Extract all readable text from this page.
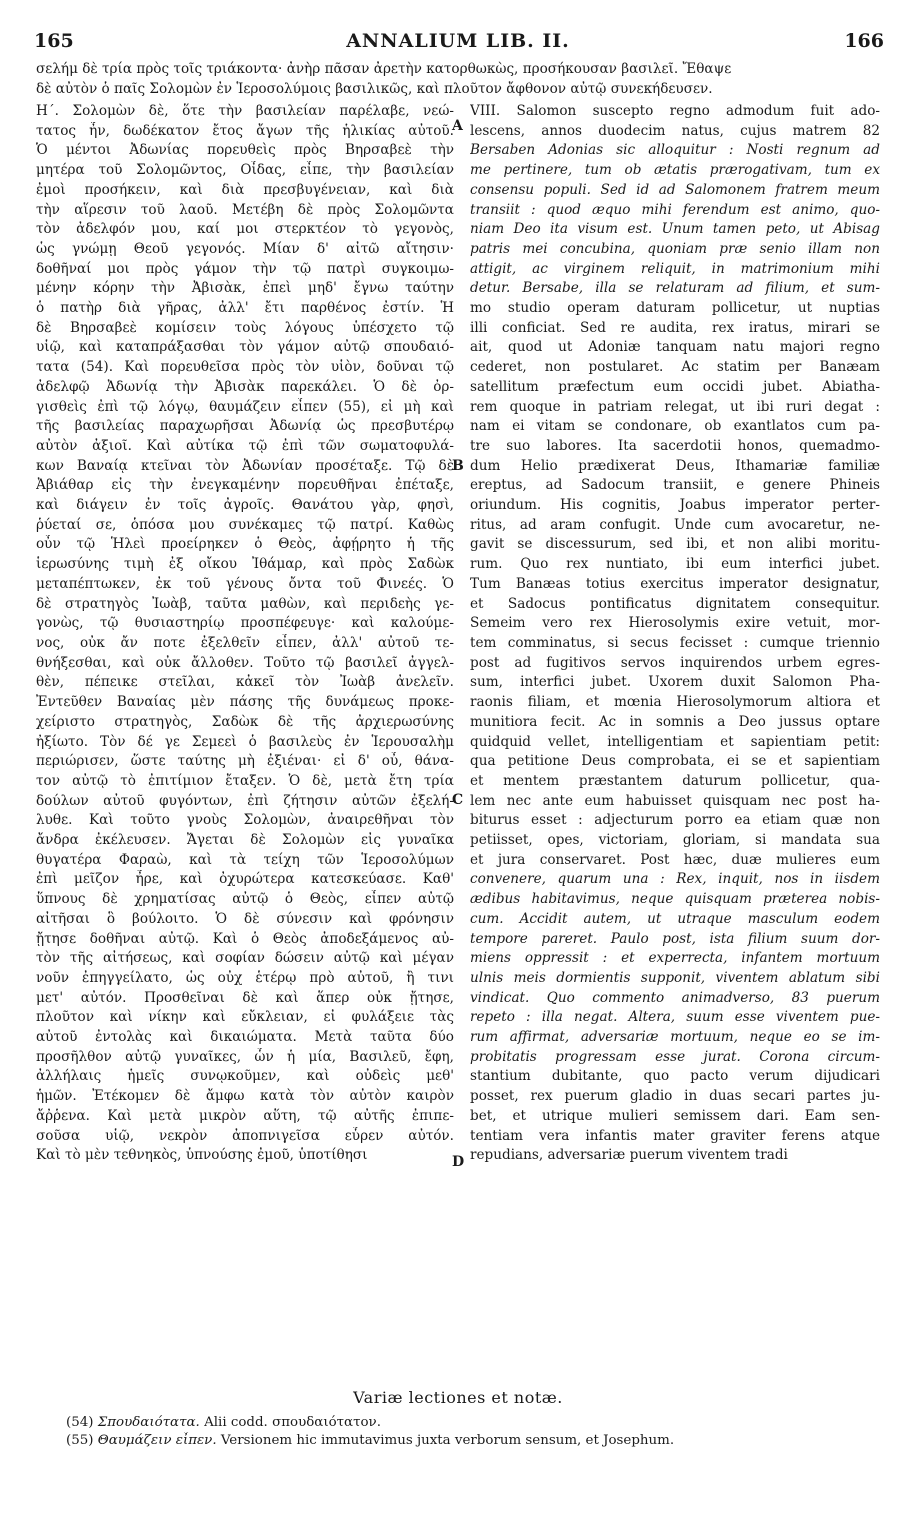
165	ANNALIUM LIB. II.	166
σελήμ δὲ τρία πρὸς τοῖς τριάκοντα· ἀνὴρ πᾶσαν ἀρετὴν κατορθωκὼς, προσήκουσαν βασιλεῖ. Ἔθαψε
δὲ αὐτὸν ὁ παῖς Σολομὼν ἐν Ἱεροσολύμοις βασιλικῶς, καὶ πλοῦτον ἄφθονον αὐτῷ συνεκήδευσεν.
Η΄. Σολομὼν δὲ, ὅτε τὴν βασιλείαν παρέλαβε, νεώ-
τατος ἦν, δωδέκατον ἔτος ἄγων τῆς ἡλικίας αὐτοῦ.
Ὁ μέντοι Ἀδωνίας πορευθεὶς πρὸς Βηρσαβεὲ τὴν
μητέρα τοῦ Σολομῶντος, Οἶδας, εἶπε, τὴν βασιλείαν
ἐμοὶ προσήκειν, καὶ διὰ πρεσβυγένειαν, καὶ διὰ
τὴν αἵρεσιν τοῦ λαοῦ. Μετέβη δὲ πρὸς Σολομῶντα
τὸν ἀδελφόν μου, καί μοι στερκτέον τὸ γεγονὸς,
ὡς γνώμῃ Θεοῦ γεγονός. Μίαν δ' αἰτῶ αἴτησιν·
δοθῆναί μοι πρὸς γάμον τὴν τῷ πατρὶ συγκοιμω-
μένην κόρην τὴν Ἀβισὰκ, ἐπεὶ μηδ' ἔγνω ταύτην
ὁ πατὴρ διὰ γῆρας, ἀλλ' ἔτι παρθένος ἐστίν. Ἡ
δὲ Βηρσαβεὲ κομίσειν τοὺς λόγους ὑπέσχετο τῷ
υἱῷ, καὶ καταπράξασθαι τὸν γάμον αὐτῷ σπουδαιό-
τατα (54). Καὶ πορευθεῖσα πρὸς τὸν υἱὸν, δοῦναι τῷ
ἀδελφῷ Ἀδωνίᾳ τὴν Ἀβισὰκ παρεκάλει. Ὁ δὲ ὀρ-
γισθεὶς ἐπὶ τῷ λόγῳ, θαυμάζειν εἶπεν (55), εἰ μὴ καὶ
τῆς βασιλείας παραχωρῆσαι Ἀδωνίᾳ ὡς πρεσβυτέρῳ
αὐτὸν ἀξιοῖ. Καὶ αὐτίκα τῷ ἐπὶ τῶν σωματοφυλά-
κων Βαναίᾳ κτεῖναι τὸν Ἀδωνίαν προσέταξε. Τῷ δὲ
Ἀβιάθαρ εἰς τὴν ἐνεγκαμένην πορευθῆναι ἐπέταξε,
καὶ διάγειν ἐν τοῖς ἀγροῖς. Θανάτου γὰρ, φησὶ,
ῥύεταί σε, ὁπόσα μου συνέκαμες τῷ πατρί. Καθὼς
οὖν τῷ Ἡλεὶ προείρηκεν ὁ Θεὸς, ἀφῄρητο ἡ τῆς
ἱερωσύνης τιμὴ ἐξ οἴκου Ἰθάμαρ, καὶ πρὸς Σαδὼκ
μεταπέπτωκεν, ἐκ τοῦ γένους ὄντα τοῦ Φινεές. Ὁ
δὲ στρατηγὸς Ἰωὰβ, ταῦτα μαθὼν, καὶ περιδεὴς γε-
γονὼς, τῷ θυσιαστηρίῳ προσπέφευγε· καὶ καλούμε-
νος, οὐκ ἄν ποτε ἐξελθεῖν εἶπεν, ἀλλ' αὐτοῦ τε-
θνήξεσθαι, καὶ οὐκ ἄλλοθεν. Τοῦτο τῷ βασιλεῖ ἀγγελ-
θὲν, πέπεικε στεῖλαι, κἀκεῖ τὸν Ἰωὰβ ἀνελεῖν.
Ἐντεῦθεν Βαναίας μὲν πάσης τῆς δυνάμεως προκε-
χείριστο στρατηγὸς, Σαδὼκ δὲ τῆς ἀρχιερωσύνης
ἠξίωτο. Τὸν δέ γε Σεμεεὶ ὁ βασιλεὺς ἐν Ἱερουσαλὴμ
περιώρισεν, ὥστε ταύτης μὴ ἐξιέναι· εἰ δ' οὖ, θάνα-
τον αὐτῷ τὸ ἐπιτίμιον ἔταξεν. Ὁ δὲ, μετὰ ἔτη τρία
δούλων αὐτοῦ φυγόντων, ἐπὶ ζήτησιν αὐτῶν ἐξελή-
λυθε. Καὶ τοῦτο γνοὺς Σολομὼν, ἀναιρεθῆναι τὸν
ἄνδρα ἐκέλευσεν. Ἄγεται δὲ Σολομὼν εἰς γυναῖκα
θυγατέρα Φαραὼ, καὶ τὰ τείχη τῶν Ἱεροσολύμων
ἐπὶ μεῖζον ἦρε, καὶ ὀχυρώτερα κατεσκεύασε. Καθ'
ὕπνους δὲ χρηματίσας αὐτῷ ὁ Θεὸς, εἶπεν αὐτῷ
αἰτῆσαι ὃ βούλοιτο. Ὁ δὲ σύνεσιν καὶ φρόνησιν
ᾔτησε δοθῆναι αὐτῷ. Καὶ ὁ Θεὸς ἀποδεξάμενος αὐ-
τὸν τῆς αἰτήσεως, καὶ σοφίαν δώσειν αὐτῷ καὶ μέγαν
νοῦν ἐπηγγείλατο, ὡς οὐχ ἑτέρῳ πρὸ αὐτοῦ, ἢ τινι
μετ' αὐτόν. Προσθεῖναι δὲ καὶ ἅπερ οὐκ ᾔτησε,
πλοῦτον καὶ νίκην καὶ εὔκλειαν, εἰ φυλάξειε τὰς
αὐτοῦ ἐντολὰς καὶ δικαιώματα. Μετὰ ταῦτα δύο
προσῆλθον αὐτῷ γυναῖκες, ὧν ἡ μία, Βασιλεῦ, ἔφη,
ἀλλήλαις ἡμεῖς συνῳκοῦμεν, καὶ οὐδεὶς μεθ'
ἡμῶν. Ἐτέκομεν δὲ ἄμφω κατὰ τὸν αὐτὸν καιρὸν
ἄῤῥενα. Καὶ μετὰ μικρὸν αὕτη, τῷ αὐτῆς ἐπιπε-
σοῦσα υἱῷ, νεκρὸν ἀποπνιγεῖσα εὗρεν αὐτόν.
Καὶ τὸ μὲν τεθνηκὸς, ὑπνούσης ἐμοῦ, ὑποτίθησι
A
B
C
D
VIII. Salomon suscepto regno admodum fuit ado-
lescens, annos duodecim natus, cujus matrem 82
Bersaben Adonias sic alloquitur : Nosti regnum ad
me pertinere, tum ob ætatis prærogativam, tum ex
consensu populi. Sed id ad Salomonem fratrem meum
transiit : quod æquo mihi ferendum est animo, quo-
niam Deo ita visum est. Unum tamen peto, ut Abisag
patris mei concubina, quoniam præ senio illam non
attigit, ac virginem reliquit, in matrimonium mihi
detur. Bersabe, illa se relaturam ad filium, et sum-
mo studio operam daturam pollicetur, ut nuptias
illi conficiat. Sed re audita, rex iratus, mirari se
ait, quod ut Adoniæ tanquam natu majori regno
cederet, non postularet. Ac statim per Banæam
satellitum præfectum eum occidi jubet. Abiatha-
rem quoque in patriam relegat, ut ibi ruri degat :
nam ei vitam se condonare, ob exantlatos cum pa-
tre suo labores. Ita sacerdotii honos, quemadmo-
dum Helio prædixerat Deus, Ithamariæ familiæ
ereptus, ad Sadocum transiit, e genere Phineis
oriundum. His cognitis, Joabus imperator perter-
ritus, ad aram confugit. Unde cum avocaretur, ne-
gavit se discessurum, sed ibi, et non alibi moritu-
rum. Quo rex nuntiato, ibi eum interfici jubet.
Tum Banæas totius exercitus imperator designatur,
et Sadocus pontificatus dignitatem consequitur.
Semeim vero rex Hierosolymis exire vetuit, mor-
tem comminatus, si secus fecisset : cumque triennio
post ad fugitivos servos inquirendos urbem egres-
sum, interfici jubet. Uxorem duxit Salomon Pha-
raonis filiam, et mœnia Hierosolymorum altiora et
munitiora fecit. Ac in somnis a Deo jussus optare
quidquid vellet, intelligentiam et sapientiam petit:
qua petitione Deus comprobata, ei se et sapientiam
et mentem præstantem daturum pollicetur, qua-
lem nec ante eum habuisset quisquam nec post ha-
biturus esset : adjecturum porro ea etiam quæ non
petiisset, opes, victoriam, gloriam, si mandata sua
et jura conservaret. Post hæc, duæ mulieres eum
convenere, quarum una : Rex, inquit, nos in iisdem
ædibus habitavimus, neque quisquam præterea nobis-
cum. Accidit autem, ut utraque masculum eodem
tempore pareret. Paulo post, ista filium suum dor-
miens oppressit : et experrecta, infantem mortuum
ulnis meis dormientis supponit, viventem ablatum sibi
vindicat. Quo commento animadverso, 83 puerum
repeto : illa negat. Altera, suum esse viventem pue-
rum affirmat, adversariæ mortuum, neque eo se im-
probitatis progressam esse jurat. Corona circum-
stantium dubitante, quo pacto verum dijudicari
posset, rex puerum gladio in duas secari partes ju-
bet, et utrique mulieri semissem dari. Eam sen-
tentiam vera infantis mater graviter ferens atque
repudians, adversariæ puerum viventem tradi
Variæ lectiones et notæ.
(54) Σπουδαιότατα. Alii codd. σπουδαιότατον.
(55) Θαυμάζειν εἶπεν. Versionem hic immutavimus juxta verborum sensum, et Josephum.
